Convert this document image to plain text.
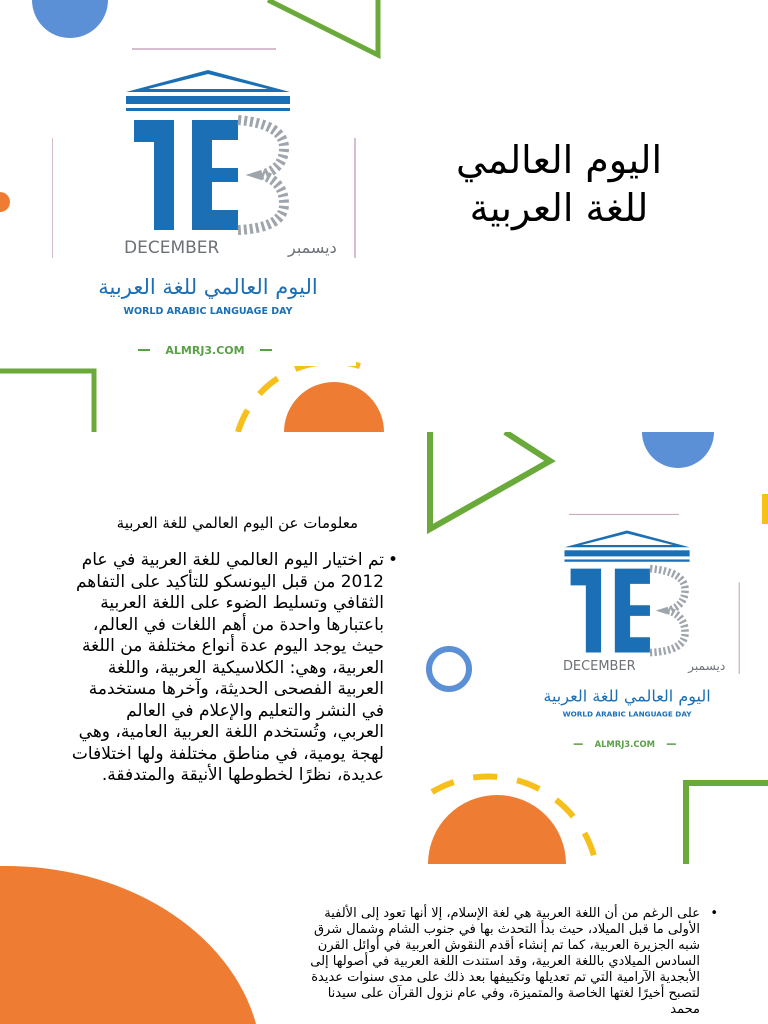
DECEMBER	ديسمبر
اليوم العالمي للغة العربية
WORLD ARABIC LANGUAGE DAY
ALMRJ3.COM
اليوم العالمي
للغة العربية
DECEMBER	ديسمبر
اليوم العالمي للغة العربية
WORLD ARABIC LANGUAGE DAY
ALMRJ3.COM
معلومات عن اليوم العالمي للغة العربية
•
تم اختيار اليوم العالمي للغة العربية في عام 2012 من قبل اليونسكو للتأكيد على التفاهم الثقافي وتسليط الضوء على اللغة العربية باعتبارها واحدة من أهم اللغات في العالم، حيث يوجد اليوم عدة أنواع مختلفة من اللغة العربية، وهي: الكلاسيكية العربية، واللغة العربية الفصحى الحديثة، وآخرها مستخدمة في النشر والتعليم والإعلام في العالم العربي، وتُستخدم اللغة العربية العامية، وهي لهجة يومية، في مناطق مختلفة ولها اختلافات عديدة، نظرًا لخطوطها الأنيقة والمتدفقة.
•
على الرغم من أن اللغة العربية هي لغة الإسلام، إلا أنها تعود إلى الألفية الأولى ما قبل الميلاد، حيث بدأ التحدث بها في جنوب الشام وشمال شرق شبه الجزيرة العربية، كما تم إنشاء أقدم النقوش العربية في أوائل القرن السادس الميلادي باللغة العربية، وقد استندت اللغة العربية في أصولها إلى الأبجدية الآرامية التي تم تعديلها وتكييفها بعد ذلك على مدى سنوات عديدة لتصبح أخيرًا لغتها الخاصة والمتميزة، وفي عام نزول القرآن على سيدنا محمد
